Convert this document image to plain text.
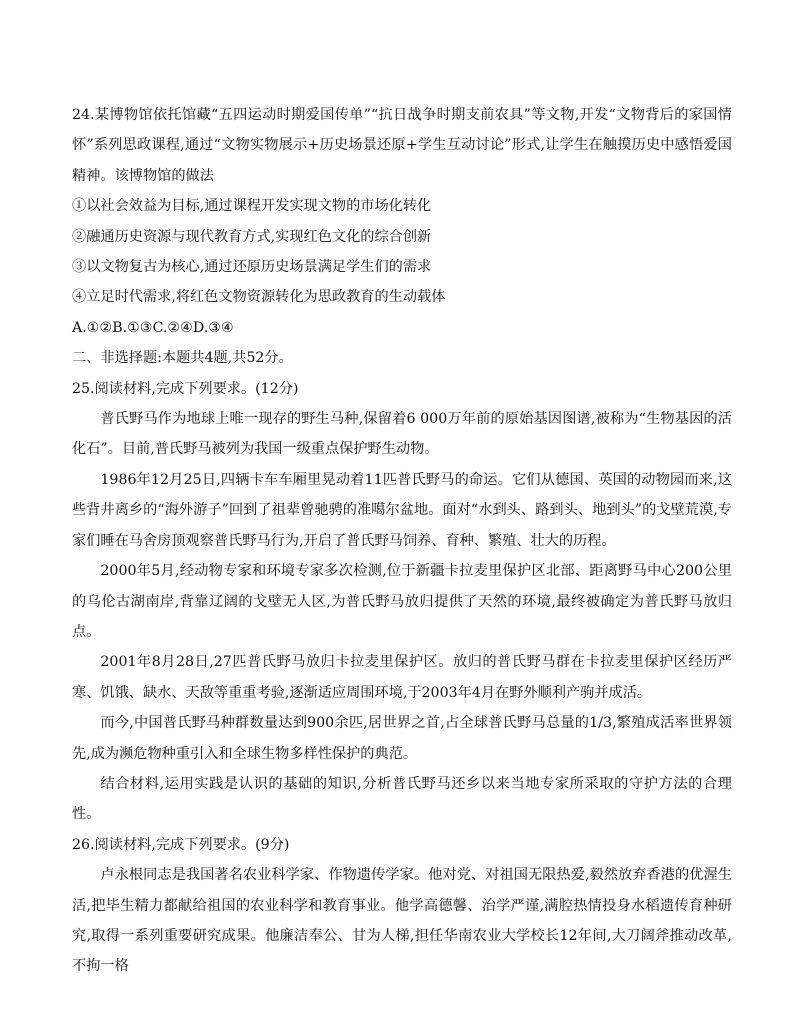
24.某博物馆依托馆藏“五四运动时期爱国传单”“抗日战争时期支前农具”等文物,开发“文物背后的家国情怀”系列思政课程,通过“文物实物展示+历史场景还原+学生互动讨论”形式,让学生在触摸历史中感悟爱国精神。该博物馆的做法

①以社会效益为目标,通过课程开发实现文物的市场化转化

②融通历史资源与现代教育方式,实现红色文化的综合创新

③以文物复古为核心,通过还原历史场景满足学生们的需求

④立足时代需求,将红色文物资源转化为思政教育的生动载体

A.①②B.①③C.②④D.③④

二、非选择题:本题共4题,共52分。

25.阅读材料,完成下列要求。(12分)

普氏野马作为地球上唯一现存的野生马种,保留着6 000万年前的原始基因图谱,被称为“生物基因的活化石”。目前,普氏野马被列为我国一级重点保护野生动物。

1986年12月25日,四辆卡车车厢里晃动着11匹普氏野马的命运。它们从德国、英国的动物园而来,这些背井离乡的“海外游子”回到了祖辈曾驰骋的准噶尔盆地。面对“水到头、路到头、地到头”的戈壁荒漠,专家们睡在马舍房顶观察普氏野马行为,开启了普氏野马饲养、育种、繁殖、壮大的历程。

2000年5月,经动物专家和环境专家多次检测,位于新疆卡拉麦里保护区北部、距离野马中心200公里的乌伦古湖南岸,背靠辽阔的戈壁无人区,为普氏野马放归提供了天然的环境,最终被确定为普氏野马放归点。

2001年8月28日,27匹普氏野马放归卡拉麦里保护区。放归的普氏野马群在卡拉麦里保护区经历严寒、饥饿、缺水、天敌等重重考验,逐渐适应周围环境,于2003年4月在野外顺利产驹并成活。

而今,中国普氏野马种群数量达到900余匹,居世界之首,占全球普氏野马总量的1/3,繁殖成活率世界领先,成为濒危物种重引入和全球生物多样性保护的典范。

结合材料,运用实践是认识的基础的知识,分析普氏野马还乡以来当地专家所采取的守护方法的合理性。

26.阅读材料,完成下列要求。(9分)

卢永根同志是我国著名农业科学家、作物遗传学家。他对党、对祖国无限热爱,毅然放弃香港的优渥生活,把毕生精力都献给祖国的农业科学和教育事业。他学高德馨、治学严谨,满腔热情投身水稻遗传育种研究,取得一系列重要研究成果。他廉洁奉公、甘为人梯,担任华南农业大学校长12年间,大刀阔斧推动改革,不拘一格
